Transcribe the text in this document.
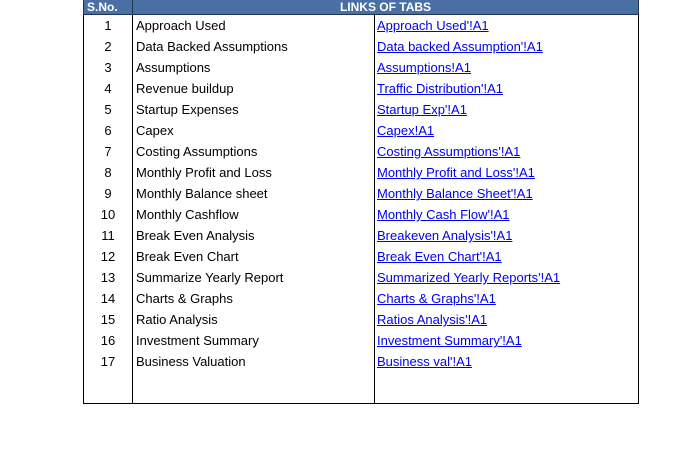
S.No.	LINKS OF TABS	
1	Approach Used	Approach Used'!A1
2	Data Backed Assumptions	Data backed Assumption'!A1
3	Assumptions	Assumptions!A1
4	Revenue buildup	Traffic Distribution'!A1
5	Startup Expenses	Startup Exp'!A1
6	Capex	Capex!A1
7	Costing Assumptions	Costing Assumptions'!A1
8	Monthly Profit and Loss	Monthly Profit and Loss'!A1
9	Monthly Balance sheet	Monthly Balance Sheet'!A1
10	Monthly Cashflow	Monthly Cash Flow'!A1
11	Break Even Analysis	Breakeven Analysis'!A1
12	Break Even Chart	Break Even Chart'!A1
13	Summarize Yearly Report	Summarized Yearly Reports'!A1
14	Charts & Graphs	Charts & Graphs'!A1
15	Ratio Analysis	Ratios Analysis'!A1
16	Investment Summary	Investment Summary'!A1
17	Business Valuation	Business val'!A1
